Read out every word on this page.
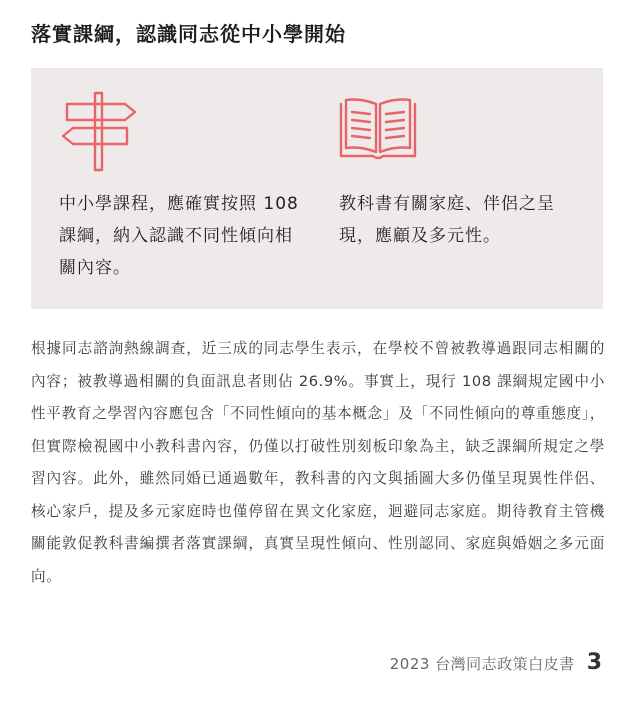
落實課綱，認識同志從中小學開始
中小學課程，應確實按照 108 課綱，納入認識不同性傾向相關內容。
教科書有關家庭、伴侶之呈現，應顧及多元性。

根據同志諮詢熱線調查，近三成的同志學生表示，在學校不曾被教導過跟同志相關的內容；被教導過相關的負面訊息者則佔 26.9%。事實上，現行 108 課綱規定國中小性平教育之學習內容應包含「不同性傾向的基本概念」及「不同性傾向的尊重態度」，但實際檢視國中小教科書內容，仍僅以打破性別刻板印象為主，缺乏課綱所規定之學習內容。此外，雖然同婚已通過數年，教科書的內文與插圖大多仍僅呈現異性伴侶、核心家戶，提及多元家庭時也僅停留在異文化家庭，迴避同志家庭。期待教育主管機關能敦促教科書編撰者落實課綱，真實呈現性傾向、性別認同、家庭與婚姻之多元面向。

2023 台灣同志政策白皮書 3
